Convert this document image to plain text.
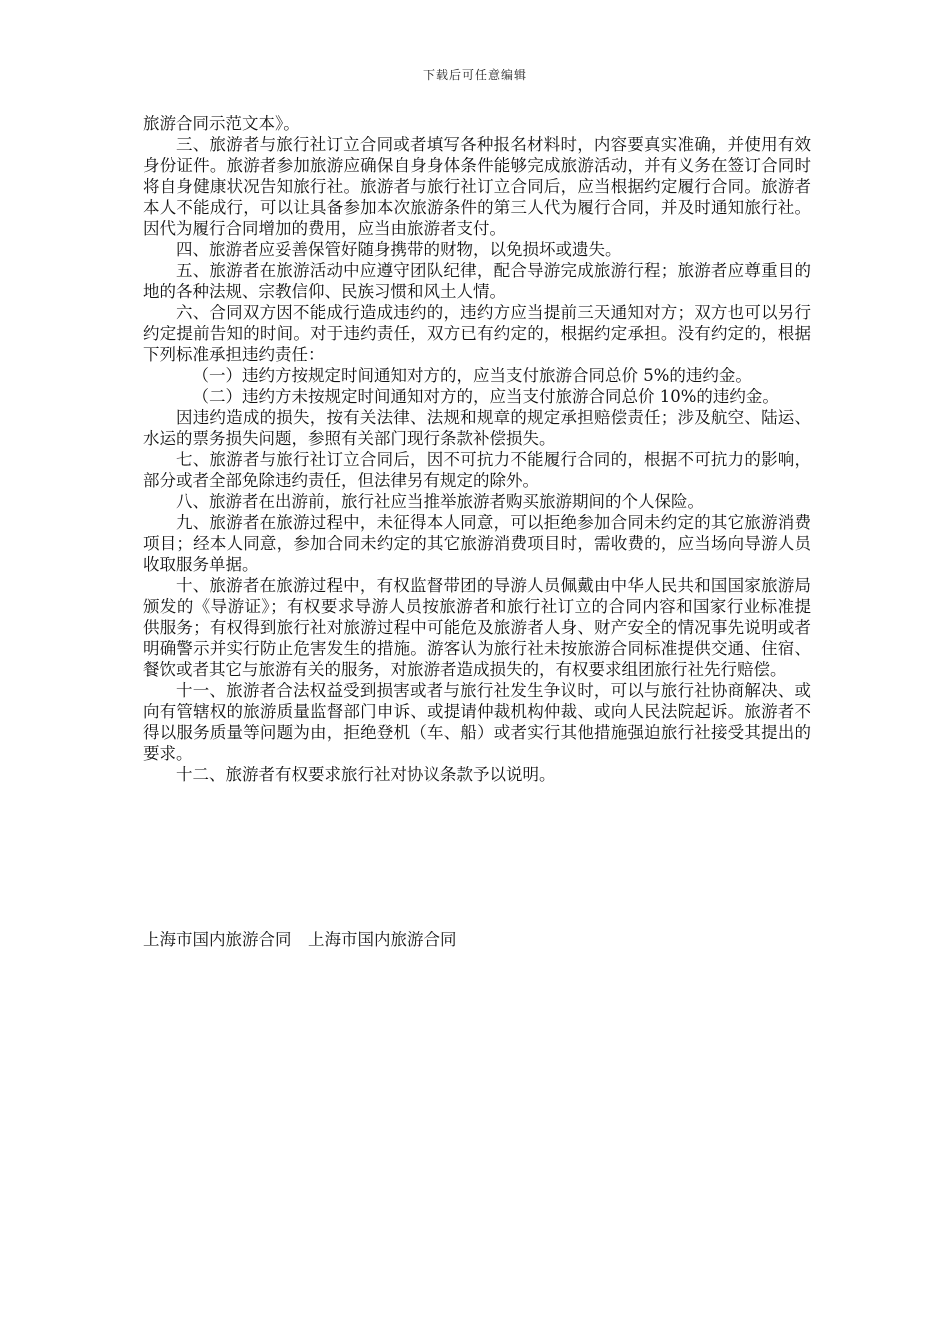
下载后可任意编辑

旅游合同示范文本》。

三、旅游者与旅行社订立合同或者填写各种报名材料时，内容要真实准确，并使用有效身份证件。旅游者参加旅游应确保自身身体条件能够完成旅游活动，并有义务在签订合同时将自身健康状况告知旅行社。旅游者与旅行社订立合同后，应当根据约定履行合同。旅游者本人不能成行，可以让具备参加本次旅游条件的第三人代为履行合同，并及时通知旅行社。因代为履行合同增加的费用，应当由旅游者支付。

四、旅游者应妥善保管好随身携带的财物，以免损坏或遗失。

五、旅游者在旅游活动中应遵守团队纪律，配合导游完成旅游行程；旅游者应尊重目的地的各种法规、宗教信仰、民族习惯和风土人情。

六、合同双方因不能成行造成违约的，违约方应当提前三天通知对方；双方也可以另行约定提前告知的时间。对于违约责任，双方已有约定的，根据约定承担。没有约定的，根据下列标准承担违约责任：

（一）违约方按规定时间通知对方的，应当支付旅游合同总价 5%的违约金。

（二）违约方未按规定时间通知对方的，应当支付旅游合同总价 10%的违约金。

因违约造成的损失，按有关法律、法规和规章的规定承担赔偿责任；涉及航空、陆运、水运的票务损失问题，参照有关部门现行条款补偿损失。

七、旅游者与旅行社订立合同后，因不可抗力不能履行合同的，根据不可抗力的影响，部分或者全部免除违约责任，但法律另有规定的除外。

八、旅游者在出游前，旅行社应当推举旅游者购买旅游期间的个人保险。

九、旅游者在旅游过程中，未征得本人同意，可以拒绝参加合同未约定的其它旅游消费项目；经本人同意，参加合同未约定的其它旅游消费项目时，需收费的，应当场向导游人员收取服务单据。

十、旅游者在旅游过程中，有权监督带团的导游人员佩戴由中华人民共和国国家旅游局颁发的《导游证》；有权要求导游人员按旅游者和旅行社订立的合同内容和国家行业标准提供服务；有权得到旅行社对旅游过程中可能危及旅游者人身、财产安全的情况事先说明或者明确警示并实行防止危害发生的措施。游客认为旅行社未按旅游合同标准提供交通、住宿、餐饮或者其它与旅游有关的服务，对旅游者造成损失的，有权要求组团旅行社先行赔偿。

十一、旅游者合法权益受到损害或者与旅行社发生争议时，可以与旅行社协商解决、或向有管辖权的旅游质量监督部门申诉、或提请仲裁机构仲裁、或向人民法院起诉。旅游者不得以服务质量等问题为由，拒绝登机（车、船）或者实行其他措施强迫旅行社接受其提出的要求。

十二、旅游者有权要求旅行社对协议条款予以说明。

上海市国内旅游合同　上海市国内旅游合同
